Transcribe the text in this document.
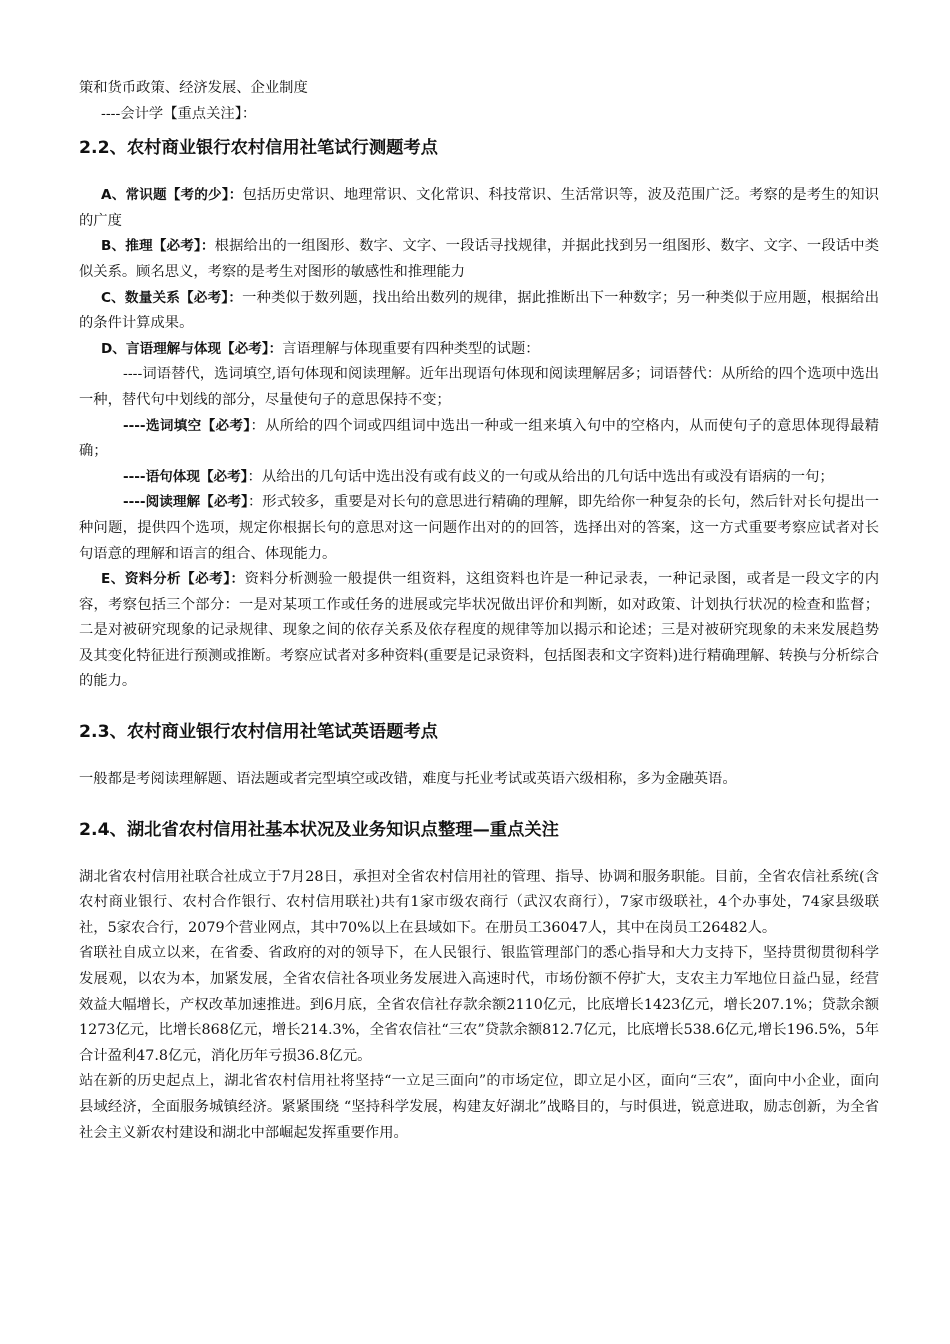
策和货币政策、经济发展、企业制度

----会计学【重点关注】：

2.2、农村商业银行农村信用社笔试行测题考点

A、常识题【考的少】：包括历史常识、地理常识、文化常识、科技常识、生活常识等，波及范围广泛。考察的是考生的知识的广度

B、推理【必考】：根据给出的一组图形、数字、文字、一段话寻找规律，并据此找到另一组图形、数字、文字、一段话中类似关系。顾名思义，考察的是考生对图形的敏感性和推理能力

C、数量关系【必考】：一种类似于数列题，找出给出数列的规律，据此推断出下一种数字；另一种类似于应用题，根据给出的条件计算成果。

D、言语理解与体现【必考】：言语理解与体现重要有四种类型的试题：

----词语替代，选词填空,语句体现和阅读理解。近年出现语句体现和阅读理解居多；词语替代：从所给的四个选项中选出一种，替代句中划线的部分，尽量使句子的意思保持不变；

----选词填空【必考】：从所给的四个词或四组词中选出一种或一组来填入句中的空格内，从而使句子的意思体现得最精确；

----语句体现【必考】：从给出的几句话中选出没有或有歧义的一句或从给出的几句话中选出有或没有语病的一句；

----阅读理解【必考】：形式较多，重要是对长句的意思进行精确的理解，即先给你一种复杂的长句，然后针对长句提出一种问题，提供四个选项，规定你根据长句的意思对这一问题作出对的的回答，选择出对的答案，这一方式重要考察应试者对长句语意的理解和语言的组合、体现能力。

E、资料分析【必考】：资料分析测验一般提供一组资料，这组资料也许是一种记录表，一种记录图，或者是一段文字的内容，考察包括三个部分：一是对某项工作或任务的进展或完毕状况做出评价和判断，如对政策、计划执行状况的检查和监督；二是对被研究现象的记录规律、现象之间的依存关系及依存程度的规律等加以揭示和论述；三是对被研究现象的未来发展趋势及其变化特征进行预测或推断。考察应试者对多种资料(重要是记录资料，包括图表和文字资料)进行精确理解、转换与分析综合的能力。

2.3、农村商业银行农村信用社笔试英语题考点

一般都是考阅读理解题、语法题或者完型填空或改错，难度与托业考试或英语六级相称，多为金融英语。

2.4、湖北省农村信用社基本状况及业务知识点整理—重点关注

湖北省农村信用社联合社成立于7月28日，承担对全省农村信用社的管理、指导、协调和服务职能。目前，全省农信社系统(含农村商业银行、农村合作银行、农村信用联社)共有1家市级农商行（武汉农商行），7家市级联社，4个办事处，74家县级联社，5家农合行，2079个营业网点，其中70%以上在县域如下。在册员工36047人，其中在岗员工26482人。

省联社自成立以来，在省委、省政府的对的领导下，在人民银行、银监管理部门的悉心指导和大力支持下，坚持贯彻贯彻科学发展观，以农为本，加紧发展，全省农信社各项业务发展进入高速时代，市场份额不停扩大，支农主力军地位日益凸显，经营效益大幅增长，产权改革加速推进。到6月底，全省农信社存款余额2110亿元，比底增长1423亿元，增长207.1%；贷款余额1273亿元，比增长868亿元，增长214.3%，全省农信社“三农”贷款余额812.7亿元，比底增长538.6亿元,增长196.5%，5年合计盈利47.8亿元，消化历年亏损36.8亿元。

站在新的历史起点上，湖北省农村信用社将坚持“一立足三面向”的市场定位，即立足小区，面向“三农”，面向中小企业，面向县域经济，全面服务城镇经济。紧紧围绕 “坚持科学发展，构建友好湖北”战略目的，与时俱进，锐意进取，励志创新，为全省社会主义新农村建设和湖北中部崛起发挥重要作用。
